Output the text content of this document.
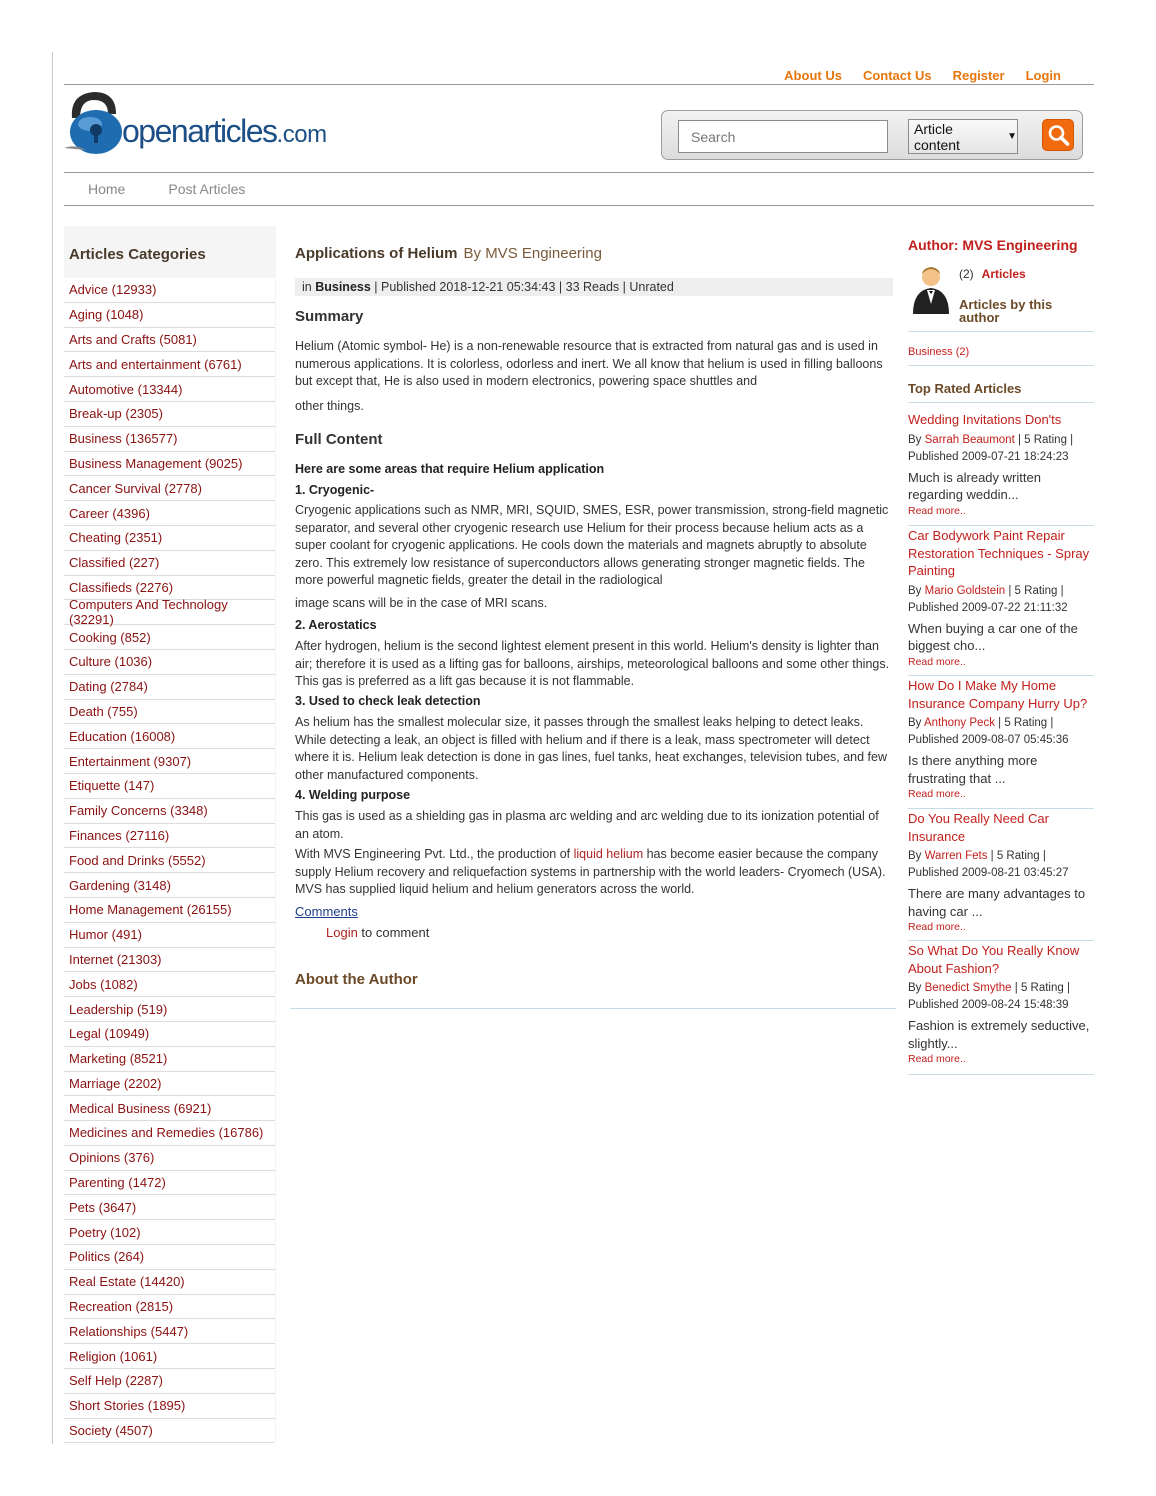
About Us Contact Us Register Login
openarticles.com
Search	Article content	▼
Home	Post Articles
Articles Categories
Advice (12933)
Aging (1048)
Arts and Crafts (5081)
Arts and entertainment (6761)
Automotive (13344)
Break-up (2305)
Business (136577)
Business Management (9025)
Cancer Survival (2778)
Career (4396)
Cheating (2351)
Classified (227)
Classifieds (2276)
Computers And Technology (32291)
Cooking (852)
Culture (1036)
Dating (2784)
Death (755)
Education (16008)
Entertainment (9307)
Etiquette (147)
Family Concerns (3348)
Finances (27116)
Food and Drinks (5552)
Gardening (3148)
Home Management (26155)
Humor (491)
Internet (21303)
Jobs (1082)
Leadership (519)
Legal (10949)
Marketing (8521)
Marriage (2202)
Medical Business (6921)
Medicines and Remedies (16786)
Opinions (376)
Parenting (1472)
Pets (3647)
Poetry (102)
Politics (264)
Real Estate (14420)
Recreation (2815)
Relationships (5447)
Religion (1061)
Self Help (2287)
Short Stories (1895)
Society (4507)
Applications of Helium By MVS Engineering
in Business | Published 2018-12-21 05:34:43 | 33 Reads | Unrated
Summary
Helium (Atomic symbol- He) is a non-renewable resource that is extracted from natural gas and is used in numerous applications. It is colorless, odorless and inert. We all know that helium is used in filling balloons but except that, He is also used in modern electronics, powering space shuttles and
other things.
Full Content
Here are some areas that require Helium application
1. Cryogenic-
Cryogenic applications such as NMR, MRI, SQUID, SMES, ESR, power transmission, strong-field magnetic separator, and several other cryogenic research use Helium for their process because helium acts as a super coolant for cryogenic applications. He cools down the materials and magnets abruptly to absolute zero. This extremely low resistance of superconductors allows generating stronger magnetic fields. The more powerful magnetic fields, greater the detail in the radiological
image scans will be in the case of MRI scans.
2. Aerostatics
After hydrogen, helium is the second lightest element present in this world. Helium's density is lighter than air; therefore it is used as a lifting gas for balloons, airships, meteorological balloons and some other things. This gas is preferred as a lift gas because it is not flammable.
3. Used to check leak detection
As helium has the smallest molecular size, it passes through the smallest leaks helping to detect leaks. While detecting a leak, an object is filled with helium and if there is a leak, mass spectrometer will detect where it is. Helium leak detection is done in gas lines, fuel tanks, heat exchanges, television tubes, and few other manufactured components.
4. Welding purpose
This gas is used as a shielding gas in plasma arc welding and arc welding due to its ionization potential of an atom.
With MVS Engineering Pvt. Ltd., the production of liquid helium has become easier because the company supply Helium recovery and reliquefaction systems in partnership with the world leaders- Cryomech (USA). MVS has supplied liquid helium and helium generators across the world.
Comments
Login to comment
About the Author
Author: MVS Engineering
(2) Articles
Articles by this author
Business (2)
Top Rated Articles
Wedding Invitations Don'ts
By Sarrah Beaumont | 5 Rating | Published 2009-07-21 18:24:23
Much is already written regarding weddin...
Read more..
Car Bodywork Paint Repair Restoration Techniques - Spray Painting
By Mario Goldstein | 5 Rating | Published 2009-07-22 21:11:32
When buying a car one of the biggest cho...
Read more..
How Do I Make My Home Insurance Company Hurry Up?
By Anthony Peck | 5 Rating | Published 2009-08-07 05:45:36
Is there anything more frustrating that ...
Read more..
Do You Really Need Car Insurance
By Warren Fets | 5 Rating | Published 2009-08-21 03:45:27
There are many advantages to having car ...
Read more..
So What Do You Really Know About Fashion?
By Benedict Smythe | 5 Rating | Published 2009-08-24 15:48:39
Fashion is extremely seductive, slightly...
Read more..
